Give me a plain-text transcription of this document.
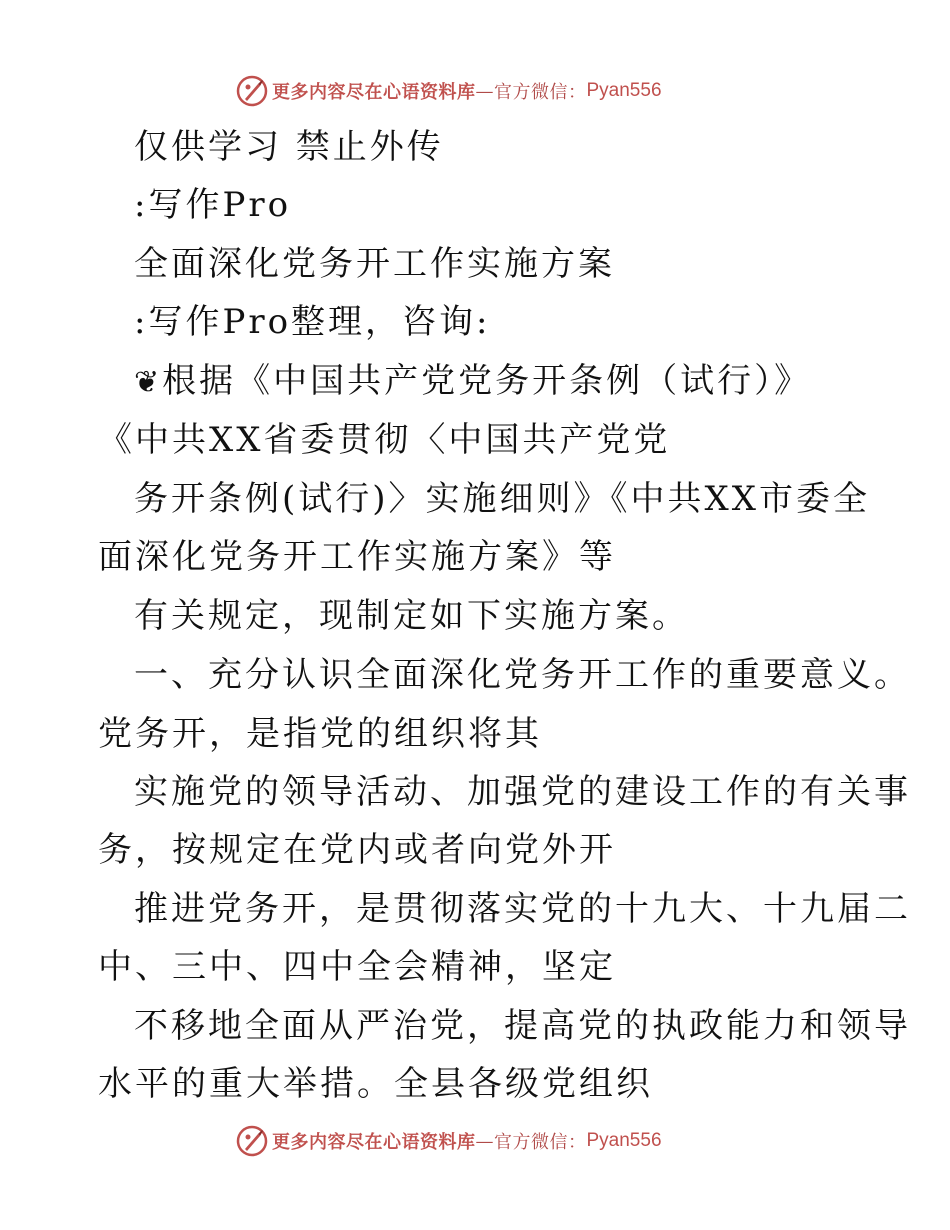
更多内容尽在心语资料库 — 官方微信： Pyan556
仅供学习 禁止外传
:写作Pro
全面深化党务开工作实施方案
:写作Pro整理，咨询:
❦根据《中国共产党党务开条例（试行）》
《中共XX省委贯彻〈中国共产党党
务开条例(试行)〉实施细则》《中共XX市委全
面深化党务开工作实施方案》等
有关规定，现制定如下实施方案。
一、充分认识全面深化党务开工作的重要意义。
党务开，是指党的组织将其
实施党的领导活动、加强党的建设工作的有关事
务，按规定在党内或者向党外开
推进党务开，是贯彻落实党的十九大、十九届二
中、三中、四中全会精神，坚定
不移地全面从严治党，提高党的执政能力和领导
水平的重大举措。全县各级党组织
更多内容尽在心语资料库 — 官方微信： Pyan556
